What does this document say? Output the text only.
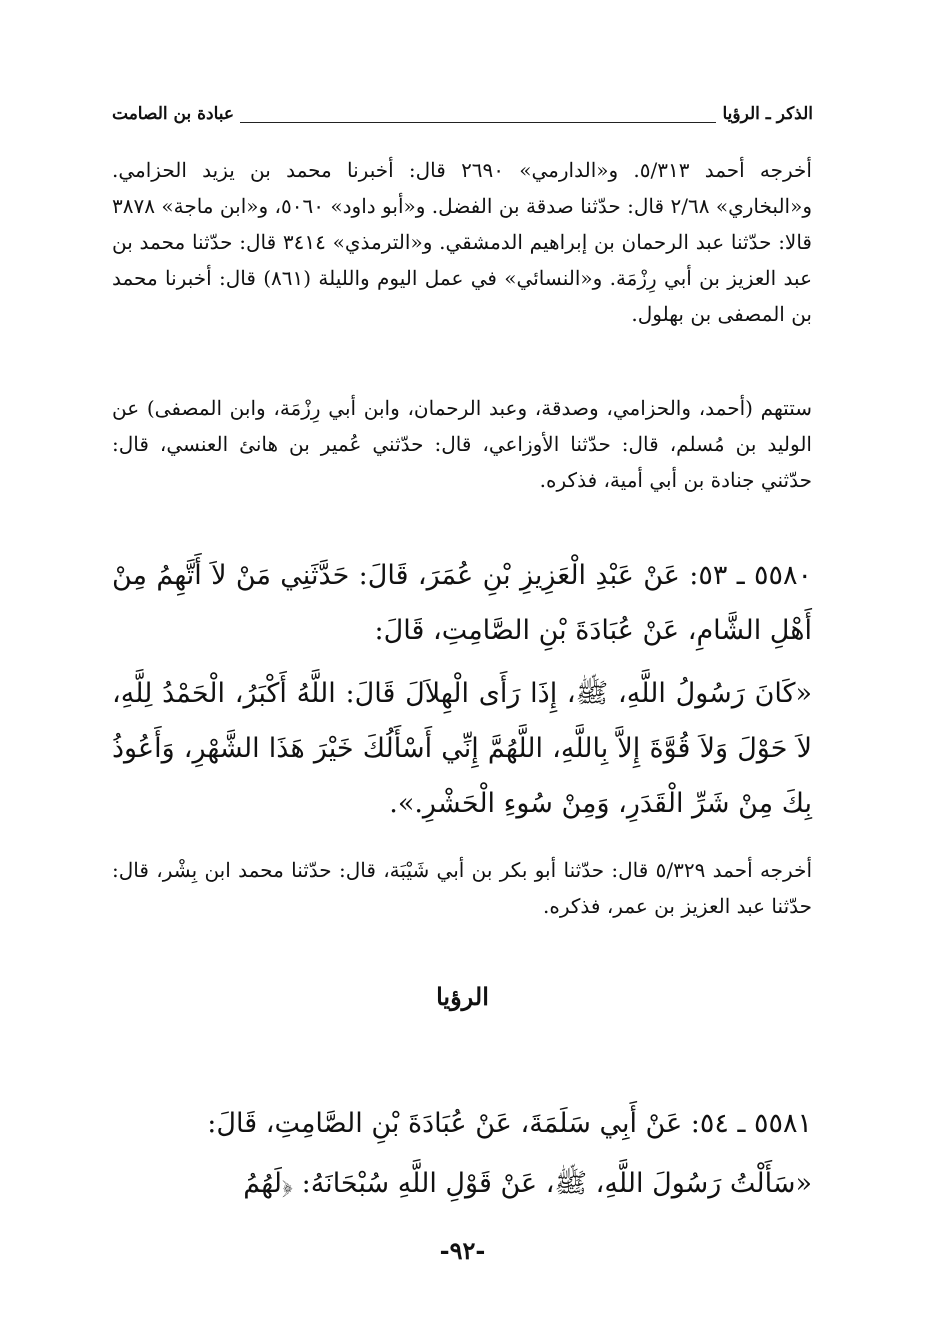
الذكر ـ الرؤيا
عبادة بن الصامت

أخرجه أحمد ٥/٣١٣. و«الدارمي» ٢٦٩٠ قال: أخبرنا محمد بن يزيد الحزامي. و«البخاري» ٢/٦٨ قال: حدّثنا صدقة بن الفضل. و«أبو داود» ٥٠٦٠، و«ابن ماجة» ٣٨٧٨ قالا: حدّثنا عبد الرحمان بن إبراهيم الدمشقي. و«الترمذي» ٣٤١٤ قال: حدّثنا محمد بن عبد العزيز بن أبي رِزْمَة. و«النسائي» في عمل اليوم والليلة (٨٦١) قال: أخبرنا محمد بن المصفى بن بهلول.

ستتهم (أحمد، والحزامي، وصدقة، وعبد الرحمان، وابن أبي رِزْمَة، وابن المصفى) عن الوليد بن مُسلم، قال: حدّثنا الأوزاعي، قال: حدّثني عُمير بن هانئ العنسي، قال: حدّثني جنادة بن أبي أمية، فذكره.

٥٥٨٠ ـ ٥٣: عَنْ عَبْدِ الْعَزِيزِ بْنِ عُمَرَ، قَالَ: حَدَّثَنِي مَنْ لاَ أَتَّهِمُ مِنْ أَهْلِ الشَّامِ، عَنْ عُبَادَةَ بْنِ الصَّامِتِ، قَالَ:

«كَانَ رَسُولُ اللَّهِ، ﷺ، إِذَا رَأَى الْهِلاَلَ قَالَ: اللَّهُ أَكْبَرُ، الْحَمْدُ لِلَّهِ، لاَ حَوْلَ وَلاَ قُوَّةَ إِلاَّ بِاللَّهِ، اللَّهُمَّ إِنِّي أَسْأَلُكَ خَيْرَ هَذَا الشَّهْرِ، وَأَعُوذُ بِكَ مِنْ شَرِّ الْقَدَرِ، وَمِنْ سُوءِ الْحَشْرِ.».

أخرجه أحمد ٥/٣٢٩ قال: حدّثنا أبو بكر بن أبي شَيْبَة، قال: حدّثنا محمد ابن بِشْر، قال: حدّثنا عبد العزيز بن عمر، فذكره.

الرؤيا

٥٥٨١ ـ ٥٤: عَنْ أَبِي سَلَمَةَ، عَنْ عُبَادَةَ بْنِ الصَّامِتِ، قَالَ:

«سَأَلْتُ رَسُولَ اللَّهِ، ﷺ، عَنْ قَوْلِ اللَّهِ سُبْحَانَهُ: ﴿لَهُمُ

-٩٢-
